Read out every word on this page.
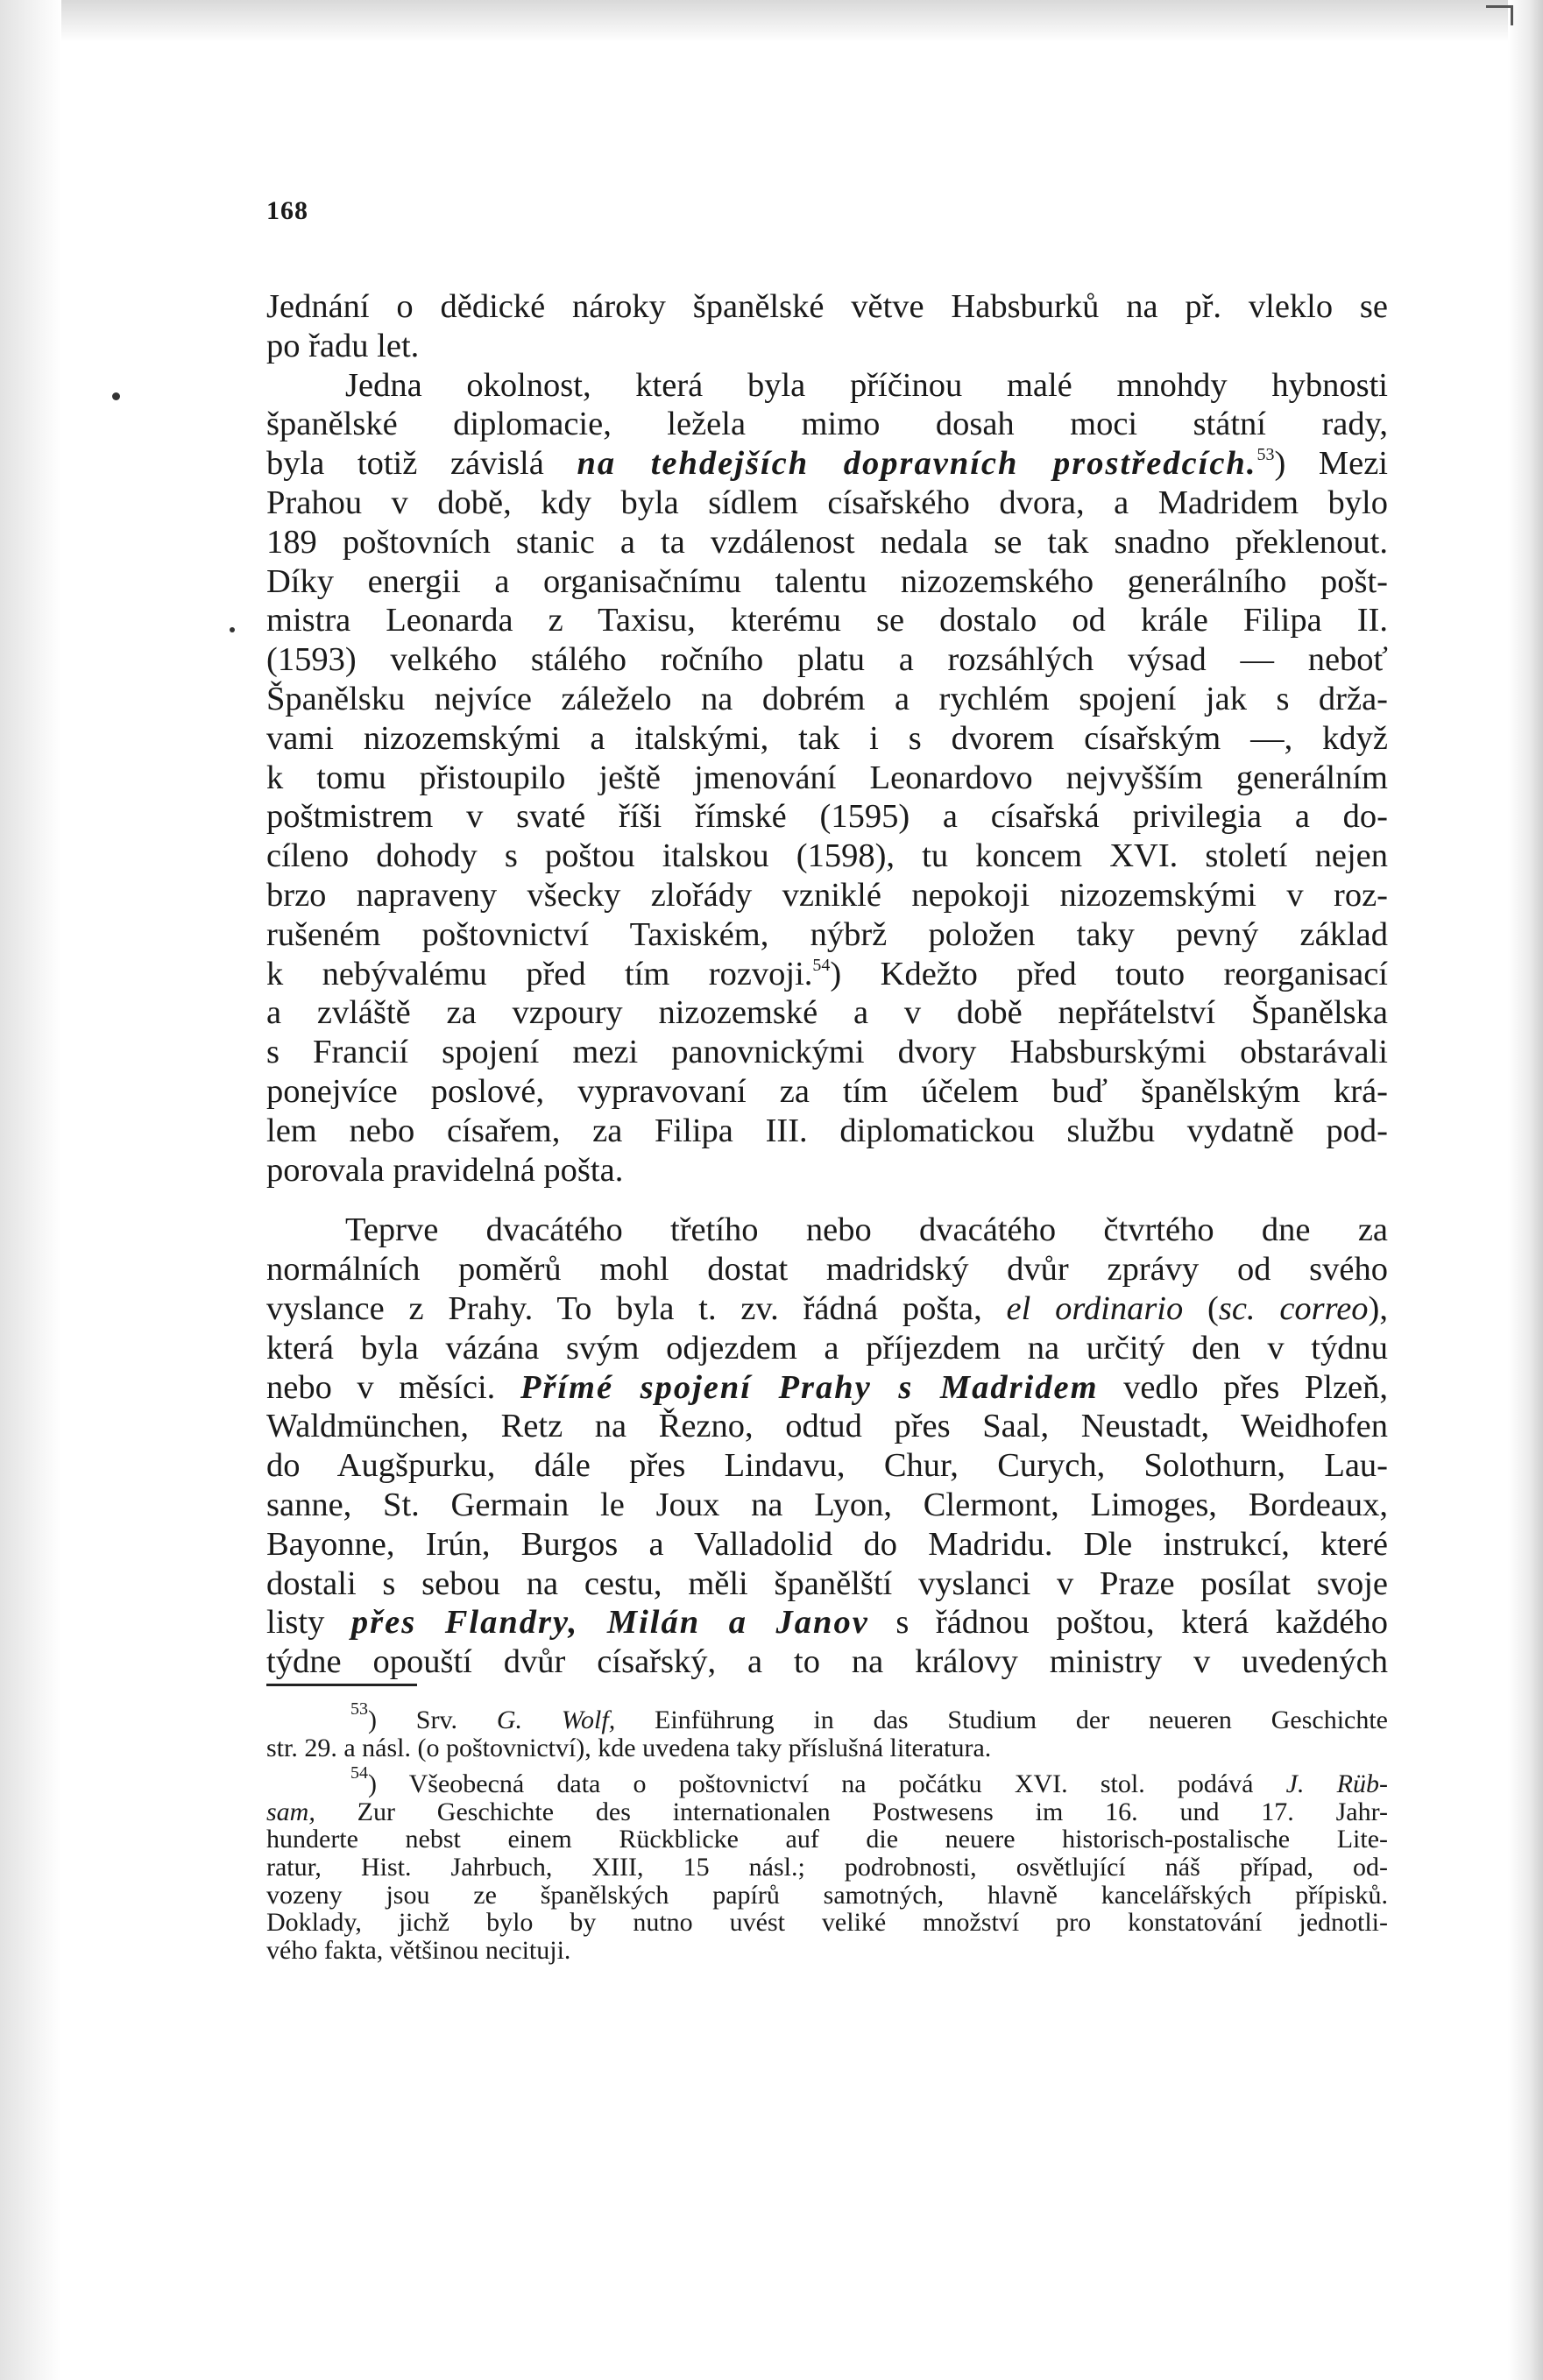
168
Jednání o dědické nároky španělské větve Habsburků na př. vleklo se
po řadu let.
Jedna okolnost, která byla příčinou malé mnohdy hybnosti
španělské diplomacie, ležela mimo dosah moci státní rady,
byla totiž závislá na tehdejších dopravních prostředcích.$^{53}$) Mezi
Prahou v době, kdy byla sídlem císařského dvora, a Madridem bylo
189 poštovních stanic a ta vzdálenost nedala se tak snadno překlenout.
Díky energii a organisačnímu talentu nizozemského generálního pošt-
mistra Leonarda z Taxisu, kterému se dostalo od krále Filipa II.
(1593) velkého stálého ročního platu a rozsáhlých výsad — neboť
Španělsku nejvíce záleželo na dobrém a rychlém spojení jak s drža-
vami nizozemskými a italskými, tak i s dvorem císařským —, když
k tomu přistoupilo ještě jmenování Leonardovo nejvyšším generálním
poštmistrem v svaté říši římské (1595) a císařská privilegia a do-
cíleno dohody s poštou italskou (1598), tu koncem XVI. století nejen
brzo napraveny všecky zlořády vzniklé nepokoji nizozemskými v roz-
rušeném poštovnictví Taxiském, nýbrž položen taky pevný základ
k nebývalému před tím rozvoji.$^{54}$) Kdežto před touto reorganisací
a zvláště za vzpoury nizozemské a v době nepřátelství Španělska
s Francií spojení mezi panovnickými dvory Habsburskými obstarávali
ponejvíce poslové, vypravovaní za tím účelem buď španělským krá-
lem nebo císařem, za Filipa III. diplomatickou službu vydatně pod-
porovala pravidelná pošta.
Teprve dvacátého třetího nebo dvacátého čtvrtého dne za
normálních poměrů mohl dostat madridský dvůr zprávy od svého
vyslance z Prahy. To byla t. zv. řádná pošta, el ordinario (sc. correo),
která byla vázána svým odjezdem a příjezdem na určitý den v týdnu
nebo v měsíci. Přímé spojení Prahy s Madridem vedlo přes Plzeň,
Waldmünchen, Retz na Řezno, odtud přes Saal, Neustadt, Weidhofen
do Augšpurku, dále přes Lindavu, Chur, Curych, Solothurn, Lau-
sanne, St. Germain le Joux na Lyon, Clermont, Limoges, Bordeaux,
Bayonne, Irún, Burgos a Valladolid do Madridu. Dle instrukcí, které
dostali s sebou na cestu, měli španělští vyslanci v Praze posílat svoje
listy přes Flandry, Milán a Janov s řádnou poštou, která každého
týdne opouští dvůr císařský, a to na královy ministry v uvedených
$^{53}$) Srv. G. Wolf, Einführung in das Studium der neueren Geschichte
str. 29. a násl. (o poštovnictví), kde uvedena taky příslušná literatura.
$^{54}$) Všeobecná data o poštovnictví na počátku XVI. stol. podává J. Rüb-
sam, Zur Geschichte des internationalen Postwesens im 16. und 17. Jahr-
hunderte nebst einem Rückblicke auf die neuere historisch-postalische Lite-
ratur, Hist. Jahrbuch, XIII, 15 násl.; podrobnosti, osvětlující náš případ, od-
vozeny jsou ze španělských papírů samotných, hlavně kancelářských přípisků.
Doklady, jichž bylo by nutno uvést veliké množství pro konstatování jednotli-
vého fakta, většinou necituji.
